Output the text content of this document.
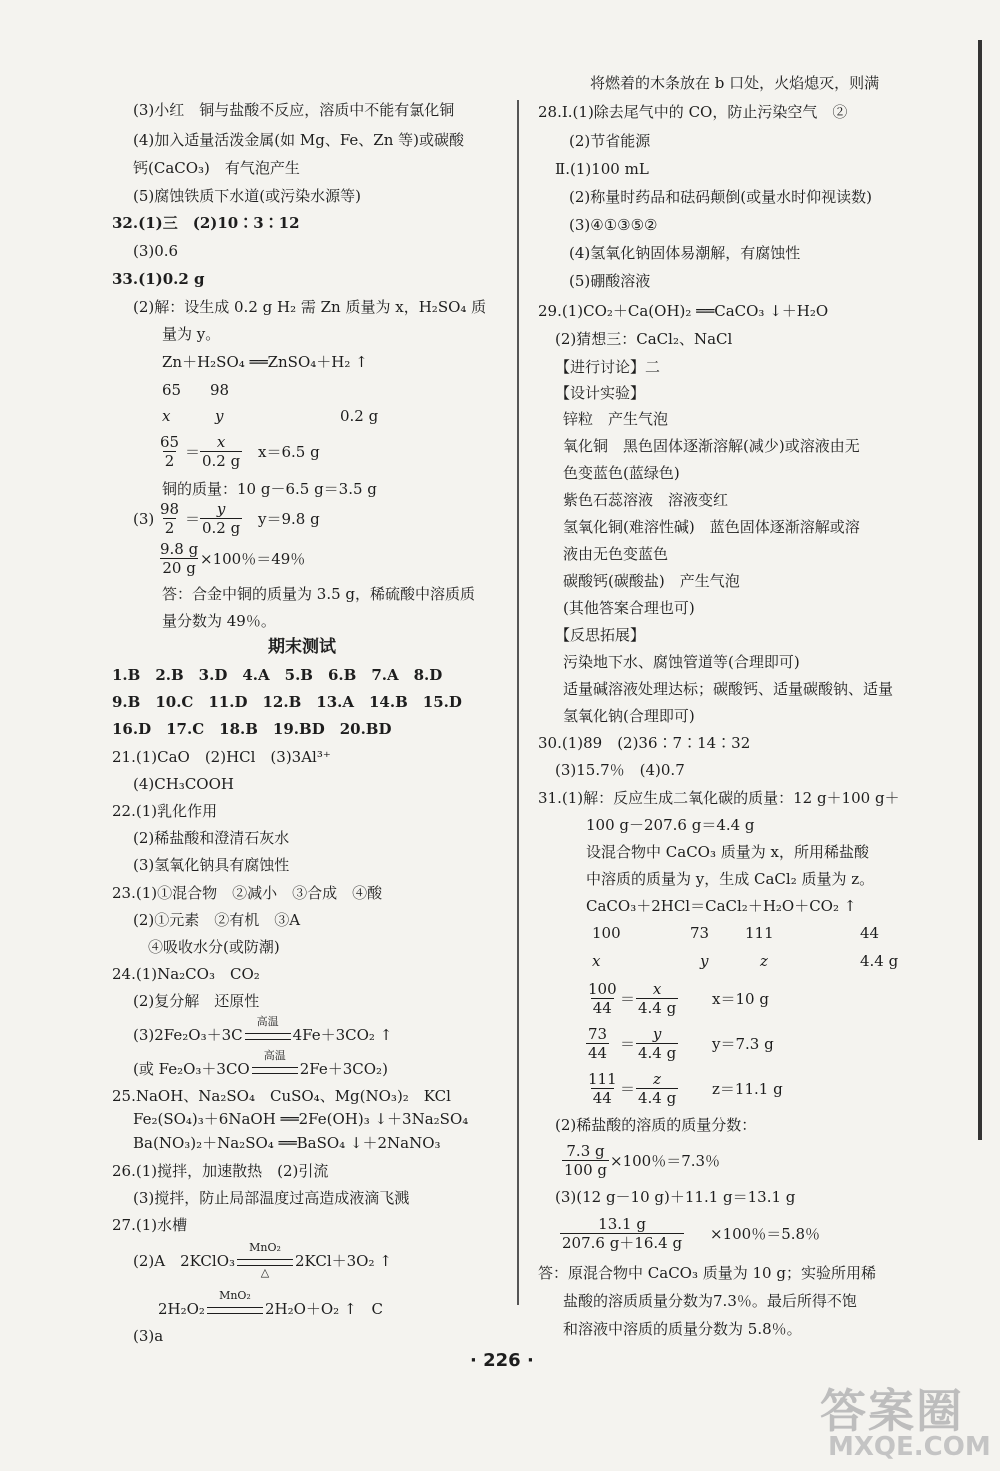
(3)小红　铜与盐酸不反应，溶质中不能有氯化铜
(4)加入适量活泼金属(如 Mg、Fe、Zn 等)或碳酸
钙(CaCO₃)　有气泡产生
(5)腐蚀铁质下水道(或污染水源等)
32.(1)三　(2)10∶3∶12
(3)0.6
33.(1)0.2 g
(2)解：设生成 0.2 g H₂ 需 Zn 质量为 x，H₂SO₄ 质
量为 y。
Zn＋H₂SO₄ ══ZnSO₄＋H₂ ↑
65 98
x	y	0.2 g
$\frac{65}{2} = \frac{x}{0.2 g} x=6.5$ g
铜的质量：10 g－6.5 g＝3.5 g
$(3) \frac{98}{2} = \frac{y}{0.2 g} y=9.8$ g
$\frac{9.8 g}{20 g} \times 100$％＝49％
答：合金中铜的质量为 3.5 g，稀硫酸中溶质质
量分数为 49％。
期末测试
1.B　2.B　3.D　4.A　5.B　6.B　7.A　8.D
9.B　10.C　11.D　12.B　13.A　14.B　15.D
16.D　17.C　18.B　19.BD　20.BD
21.(1)CaO　(2)HCl　(3)3Al³⁺
(4)CH₃COOH
22.(1)乳化作用
(2)稀盐酸和澄清石灰水
(3)氢氧化钠具有腐蚀性
23.(1)①混合物　②减小　③合成　④酸
(2)①元素　②有机　③A
④吸收水分(或防潮)
24.(1)Na₂CO₃　CO₂
(2)复分解　还原性
(3)2Fe₂O₃＋3C
高温
4Fe＋3CO₂ ↑
(或 Fe₂O₃＋3CO
高温
2Fe＋3CO₂)
25.NaOH、Na₂SO₄　CuSO₄、Mg(NO₃)₂　KCl
Fe₂(SO₄)₃＋6NaOH ══2Fe(OH)₃ ↓＋3Na₂SO₄
Ba(NO₃)₂＋Na₂SO₄ ══BaSO₄ ↓＋2NaNO₃
26.(1)搅拌，加速散热　(2)引流
(3)搅拌，防止局部温度过高造成液滴飞溅
27.(1)水槽
(2)A　2KClO₃
MnO₂
△
2KCl＋3O₂ ↑
2H₂O₂
MnO₂
2H₂O＋O₂ ↑　C
(3)a
将燃着的木条放在 b 口处，火焰熄灭，则满
28.Ⅰ.(1)除去尾气中的 CO，防止污染空气　②
(2)节省能源
Ⅱ.(1)100 mL
(2)称量时药品和砝码颠倒(或量水时仰视读数)
(3)④①③⑤②
(4)氢氧化钠固体易潮解，有腐蚀性
(5)硼酸溶液
29.(1)CO₂＋Ca(OH)₂ ══CaCO₃ ↓＋H₂O
(2)猜想三：CaCl₂、NaCl
【进行讨论】二
【设计实验】
锌粒　产生气泡
氧化铜　黑色固体逐渐溶解(减少)或溶液由无
色变蓝色(蓝绿色)
紫色石蕊溶液　溶液变红
氢氧化铜(难溶性碱)　蓝色固体逐渐溶解或溶
液由无色变蓝色
碳酸钙(碳酸盐)　产生气泡
(其他答案合理也可)
【反思拓展】
污染地下水、腐蚀管道等(合理即可)
适量碱溶液处理达标；碳酸钙、适量碳酸钠、适量
氢氧化钠(合理即可)
30.(1)89　(2)36∶7∶14∶32
(3)15.7％　(4)0.7
31.(1)解：反应生成二氧化碳的质量：12 g＋100 g＋
100 g－207.6 g＝4.4 g
设混合物中 CaCO₃ 质量为 x，所用稀盐酸
中溶质的质量为 y，生成 CaCl₂ 质量为 z。
CaCO₃＋2HCl＝CaCl₂＋H₂O＋CO₂ ↑
100	73 111	44
x	y	z	4.4 g
$\frac{100}{44} = \frac{x}{4.4 g} x=10$ g
$\frac{73}{44} = \frac{y}{4.4 g} y=7.3$ g
$\frac{111}{44} = \frac{z}{4.4 g} z=11.1$ g
(2)稀盐酸的溶质的质量分数：
$\frac{7.3 g}{100 g} \times 100$％＝7.3％
(3)(12 g－10 g)＋11.1 g＝13.1 g
$\frac{13.1 g}{207.6 g+16.4 g} \times 100$％＝5.8％
答：原混合物中 CaCO₃ 质量为 10 g；实验所用稀
盐酸的溶质质量分数为7.3％。最后所得不饱
和溶液中溶质的质量分数为 5.8％。
· 226 ·
答案圈
MXQE.COM
